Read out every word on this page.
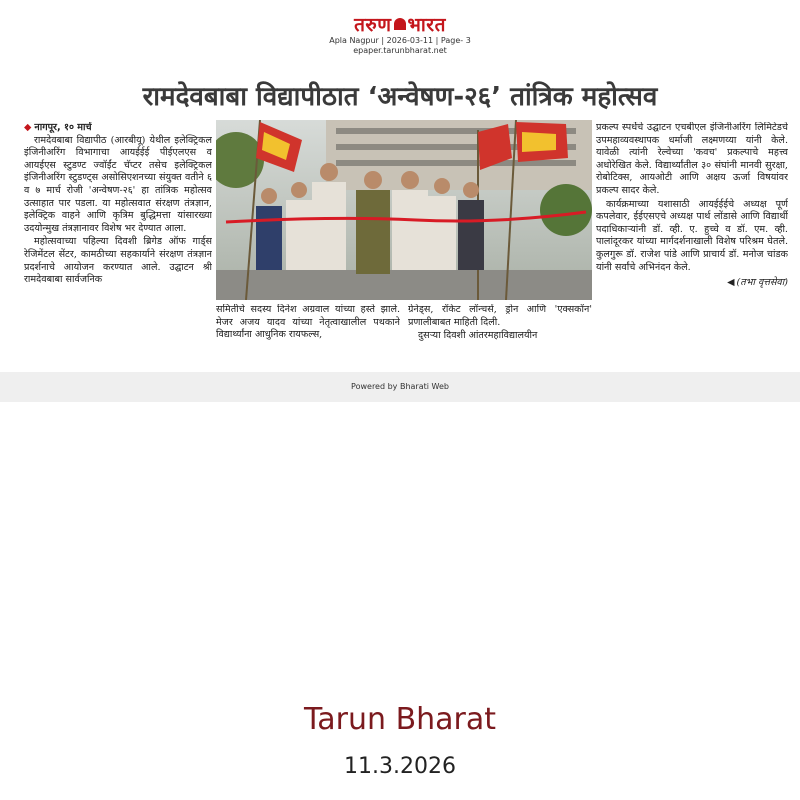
तरुण भारत
Apla Nagpur | 2026-03-11 | Page- 3
epaper.tarunbharat.net
रामदेवबाबा विद्यापीठात ‘अन्वेषण-२६’ तांत्रिक महोत्सव
◆ नागपूर, १० मार्च

रामदेवबाबा विद्यापीठ (आरबीयू) येथील इलेक्ट्रिकल इंजिनीअरिंग विभागाचा आयईईई पीईएलएस व आयईएस स्टुडण्ट ज्वॉईंट चॅप्टर तसेच इलेक्ट्रिकल इंजिनीअरिंग स्टुडण्ट्स असोसिएशनच्या संयुक्त वतीने ६ व ७ मार्च रोजी 'अन्वेषण-२६' हा तांत्रिक महोत्सव उत्साहात पार पडला. या महोत्सवात संरक्षण तंत्रज्ञान, इलेक्ट्रिक वाहने आणि कृत्रिम बुद्धिमत्ता यांसारख्या उदयोन्मुख तंत्रज्ञानावर विशेष भर देण्यात आला.

महोत्सवाच्या पहिल्या दिवशी ब्रिगेड ऑफ गार्ड्स रेजिमेंटल सेंटर, कामठीच्या सहकार्याने संरक्षण तंत्रज्ञान प्रदर्शनाचे आयोजन करण्यात आले. उद्घाटन श्री रामदेवबाबा सार्वजनिक

समितीचे सदस्य दिनेश अग्रवाल यांच्या हस्ते झाले. मेजर अजय यादव यांच्या नेतृत्वाखालील पथकाने विद्यार्थ्यांना आधुनिक रायफल्स,

ग्रेनेड्स, रॉकेट लॉन्चर्स, ड्रोन आणि 'एक्सकॉन' प्रणालीबाबत माहिती दिली.

दुसऱ्या दिवशी आंतरमहाविद्यालयीन

प्रकल्प स्पर्धेचे उद्घाटन एचबीएल इंजिनीअरिंग लिमिटेडचे उपमहाव्यवस्थापक धर्माजी लक्ष्मणय्या यांनी केले. यावेळी त्यांनी रेल्वेच्या 'कवच' प्रकल्पाचे महत्त्व अधोरेखित केले. विद्यार्थ्यांतील ३० संघांनी मानवी सुरक्षा, रोबोटिक्स, आयओटी आणि अक्षय ऊर्जा विषयांवर प्रकल्प सादर केले.

कार्यक्रमाच्या यशासाठी आयईईईचे अध्यक्ष पूर्ण कपलेवार, ईईएसएचे अध्यक्ष पार्थ लोंडासे आणि विद्यार्थी पदाधिकाऱ्यांनी डॉ. व्ही. ए. हुच्चे व डॉ. एम. व्ही. पालांदूरकर यांच्या मार्गदर्शनाखाली विशेष परिश्रम घेतले. कुलगुरू डॉ. राजेश पांडे आणि प्राचार्य डॉ. मनोज चांडक यांनी सर्वांचे अभिनंदन केले.

◀ (तभा वृत्तसेवा)
Powered by Bharati Web
Tarun Bharat
11.3.2026
